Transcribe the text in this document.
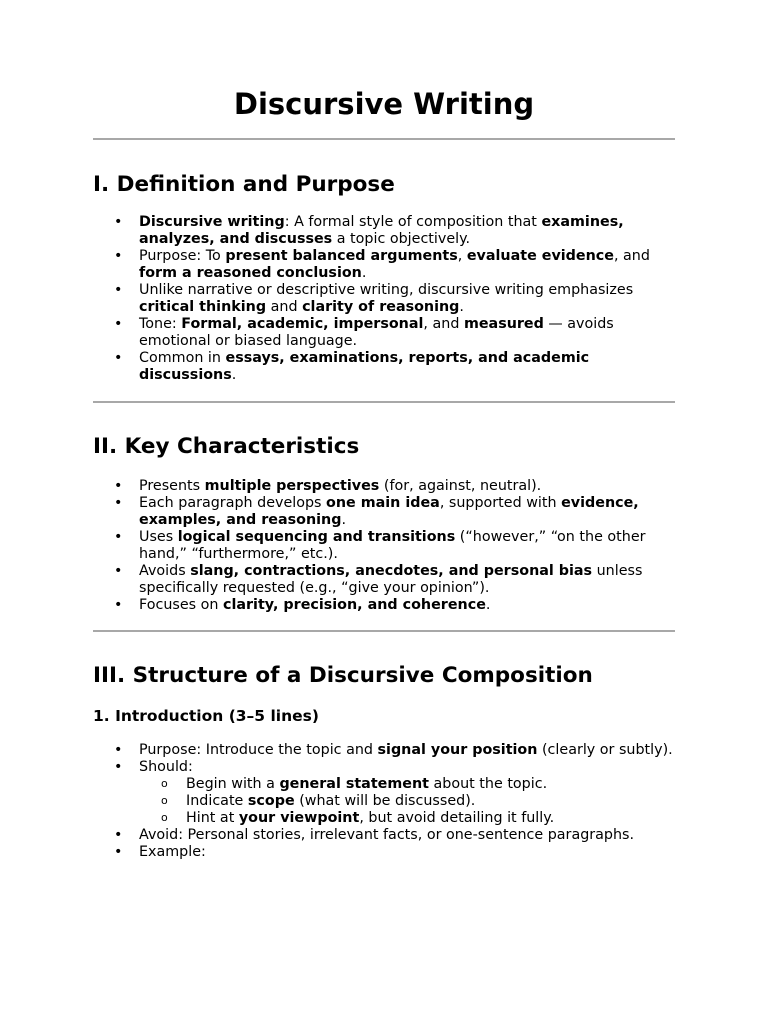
Discursive Writing
I. Definition and Purpose
• Discursive writing: A formal style of composition that examines, analyzes, and discusses a topic objectively.
• Purpose: To present balanced arguments, evaluate evidence, and form a reasoned conclusion.
• Unlike narrative or descriptive writing, discursive writing emphasizes critical thinking and clarity of reasoning.
• Tone: Formal, academic, impersonal, and measured — avoids emotional or biased language.
• Common in essays, examinations, reports, and academic discussions.
II. Key Characteristics
• Presents multiple perspectives (for, against, neutral).
• Each paragraph develops one main idea, supported with evidence, examples, and reasoning.
• Uses logical sequencing and transitions (“however,” “on the other hand,” “furthermore,” etc.).
• Avoids slang, contractions, anecdotes, and personal bias unless specifically requested (e.g., “give your opinion”).
• Focuses on clarity, precision, and coherence.
III. Structure of a Discursive Composition
1. Introduction (3–5 lines)
• Purpose: Introduce the topic and signal your position (clearly or subtly).
• Should:
o Begin with a general statement about the topic.
o Indicate scope (what will be discussed).
o Hint at your viewpoint, but avoid detailing it fully.
• Avoid: Personal stories, irrelevant facts, or one-sentence paragraphs.
• Example:
